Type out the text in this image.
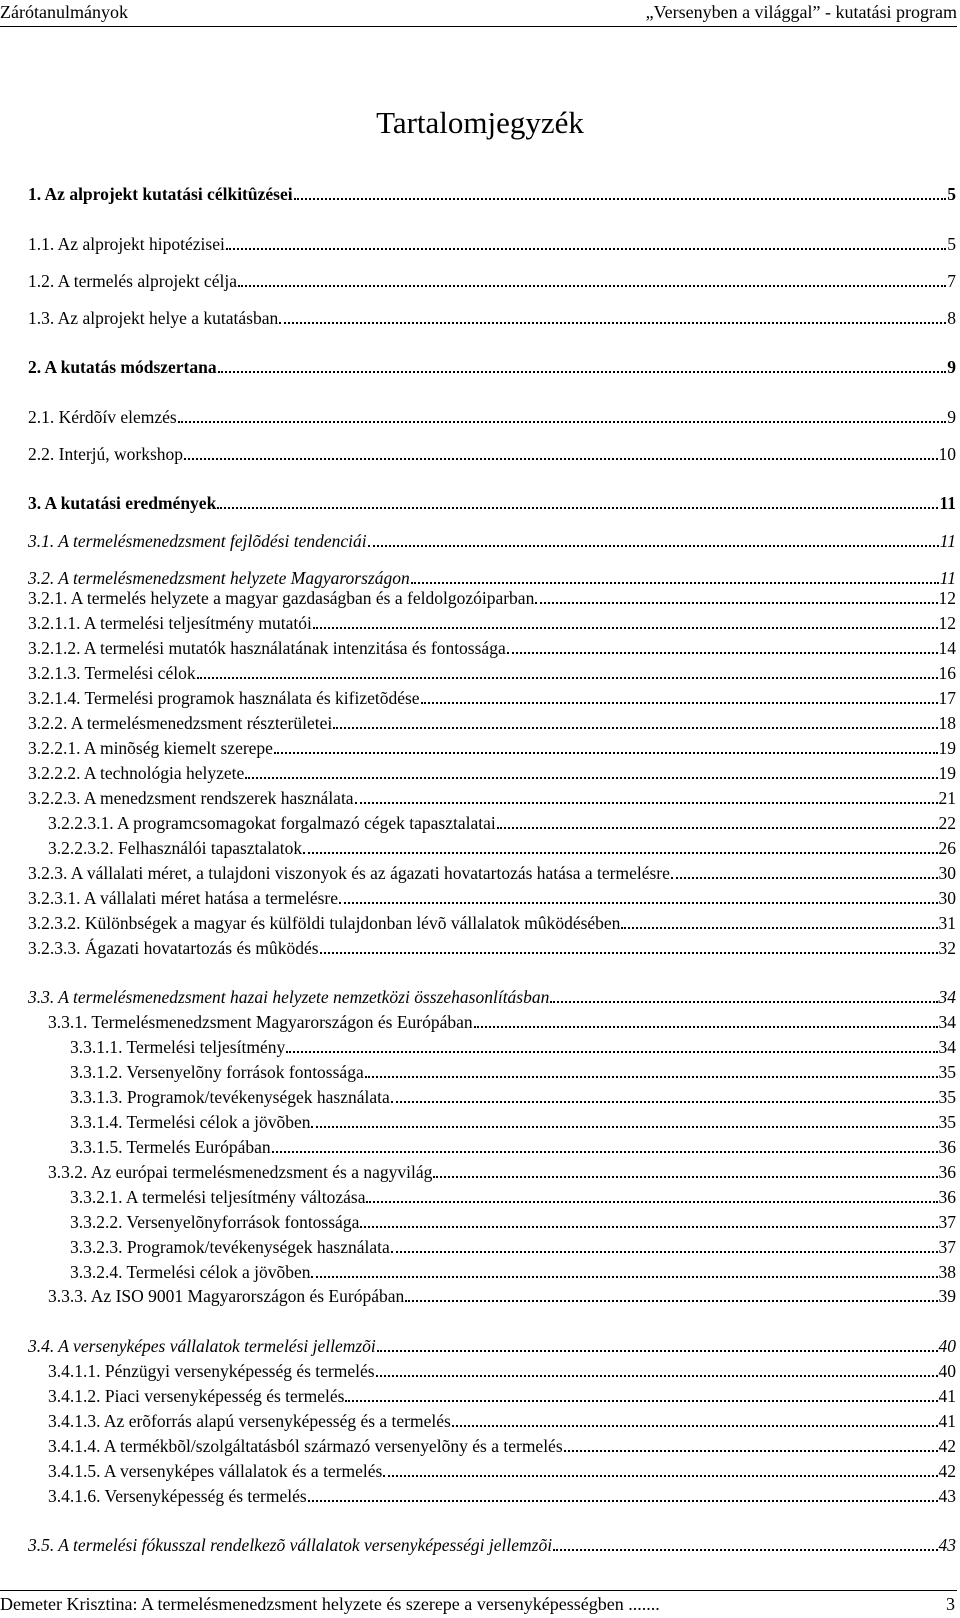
Zárótanulmányok	„Versenyben a világgal” - kutatási program
Tartalomjegyzék
1. Az alprojekt kutatási célkitûzései	5
1.1. Az alprojekt hipotézisei	5
1.2. A termelés alprojekt célja	7
1.3. Az alprojekt helye a kutatásban	8
2. A kutatás módszertana	9
2.1. Kérdõív elemzés	9
2.2. Interjú, workshop	10
3. A kutatási eredmények	11
3.1. A termelésmenedzsment fejlõdési tendenciái	11
3.2. A termelésmenedzsment helyzete Magyarországon	11
3.2.1. A termelés helyzete a magyar gazdaságban és a feldolgozóiparban	12
3.2.1.1. A termelési teljesítmény mutatói	12
3.2.1.2. A termelési mutatók használatának intenzitása és fontossága	14
3.2.1.3. Termelési célok	16
3.2.1.4. Termelési programok használata és kifizetõdése	17
3.2.2. A termelésmenedzsment részterületei	18
3.2.2.1. A minõség kiemelt szerepe	19
3.2.2.2. A technológia helyzete	19
3.2.2.3. A menedzsment rendszerek használata	21
3.2.2.3.1. A programcsomagokat forgalmazó cégek tapasztalatai	22
3.2.2.3.2. Felhasználói tapasztalatok	26
3.2.3. A vállalati méret, a tulajdoni viszonyok és az ágazati hovatartozás hatása a termelésre	30
3.2.3.1. A vállalati méret hatása a termelésre	30
3.2.3.2. Különbségek a magyar és külföldi tulajdonban lévõ vállalatok mûködésében	31
3.2.3.3. Ágazati hovatartozás és mûködés	32
3.3. A termelésmenedzsment hazai helyzete nemzetközi összehasonlításban	34
3.3.1. Termelésmenedzsment Magyarországon és Európában	34
3.3.1.1. Termelési teljesítmény	34
3.3.1.2. Versenyelõny források fontossága	35
3.3.1.3. Programok/tevékenységek használata	35
3.3.1.4. Termelési célok a jövõben	35
3.3.1.5. Termelés Európában	36
3.3.2. Az európai termelésmenedzsment és a nagyvilág	36
3.3.2.1. A termelési teljesítmény változása	36
3.3.2.2. Versenyelõnyforrások fontossága	37
3.3.2.3. Programok/tevékenységek használata	37
3.3.2.4. Termelési célok a jövõben	38
3.3.3. Az ISO 9001 Magyarországon és Európában	39
3.4. A versenyképes vállalatok termelési jellemzõi	40
3.4.1.1. Pénzügyi versenyképesség és termelés	40
3.4.1.2. Piaci versenyképesség és termelés	41
3.4.1.3. Az erõforrás alapú versenyképesség és a termelés	41
3.4.1.4. A termékbõl/szolgáltatásból származó versenyelõny és a termelés	42
3.4.1.5. A versenyképes vállalatok és a termelés	42
3.4.1.6. Versenyképesség és termelés	43
3.5. A termelési fókusszal rendelkezõ vállalatok versenyképességi jellemzõi	43
Demeter Krisztina: A termelésmenedzsment helyzete és szerepe a versenyképességben .......	3
